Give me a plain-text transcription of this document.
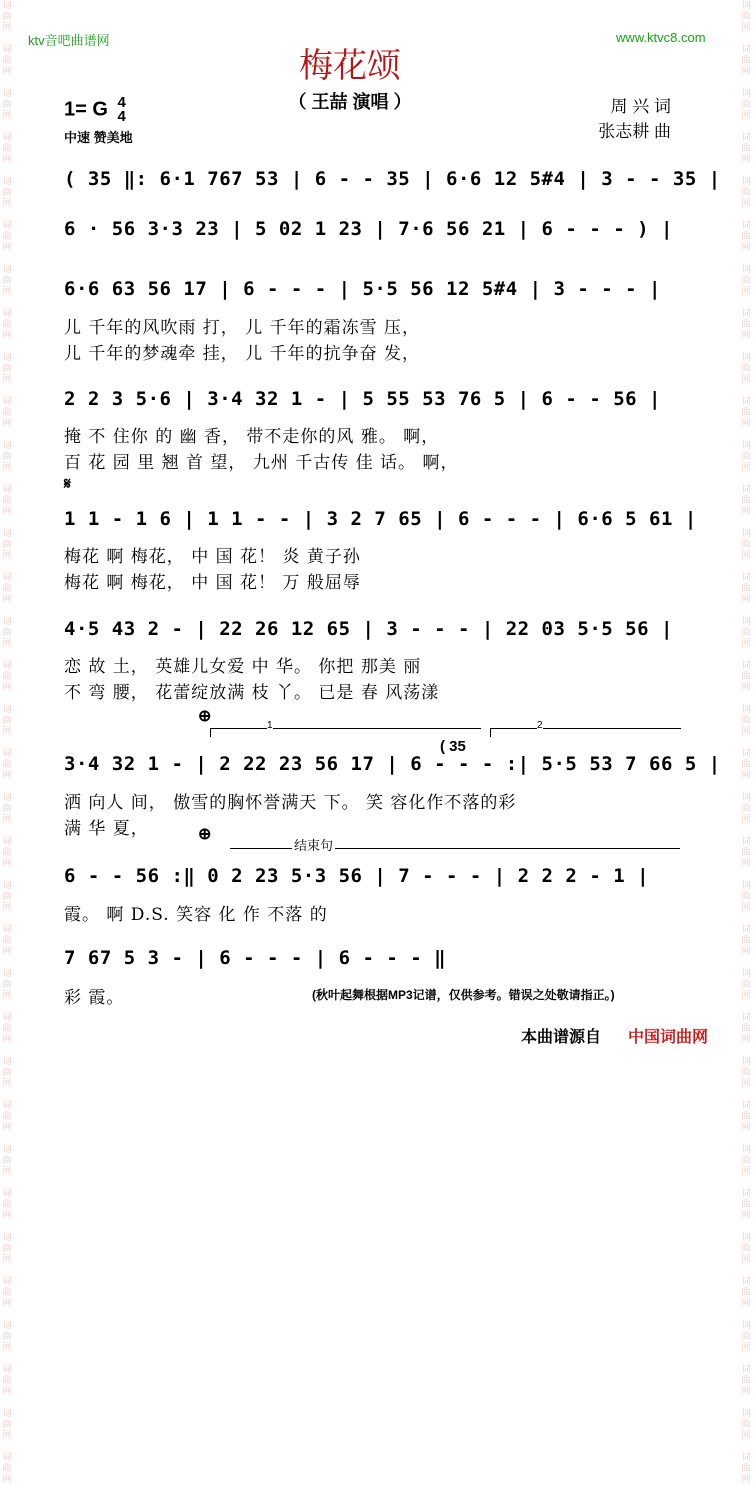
词
曲
网

词
曲
网

词
曲
网

词
曲
网

词
曲
网

词
曲
网

词
曲
网

词
曲
网

词
曲
网

词
曲
网

词
曲
网

词
曲
网

词
曲
网

词
曲
网

词
曲
网

词
曲
网

词
曲
网

词
曲
网

词
曲
网

词
曲
网

词
曲
网

词
曲
网

词
曲
网

词
曲
网

词
曲
网

词
曲
网

词
曲
网

词
曲
网

词
曲
网

词
曲
网

词
曲
网

词
曲
网

词
曲
网

词
曲
网

词
曲
网

词
曲
网

词
曲
网

词
曲
网

词
曲
网

词
曲
网

词
曲
网

词
曲
网

词
曲
网

词
曲
网

词
曲
网

词
曲
网

词
曲
网

词
曲
网

词
曲
网

词
曲
网

词
曲
网

词
曲
网

词
曲
网

词
曲
网

词
曲
网

词
曲
网

词
曲
网

词
曲
网

词
曲
网

词
曲
网

词
曲
网

词
曲
网

词
曲
网

词
曲
网

词
曲
网

词
曲
网

词
曲
网

词
曲
网

ktv音吧曲谱网	www.ktvc8.com
梅花颂
（ 王喆 演唱 ）	周 兴 词
张志耕 曲
1= G 4
4
中速 赞美地
( 35 ‖: 6·1 767 53 | 6 - - 35 | 6·6 12 5#4 | 3 - - 35 |
6 · 56 3·3 23 | 5 02 1 23 | 7·6 56 21 | 6 - - - ) |
6·6 63 56 17 | 6 - - - | 5·5 56 12 5#4 | 3 - - - |
儿 千年的风吹雨 打， 儿 千年的霜冻雪 压，
儿 千年的梦魂牵 挂， 儿 千年的抗争奋 发，
2 2 3 5·6 | 3·4 32 1 - | 5 55 53 76 5 | 6 - - 56 |
掩 不 住你 的 幽 香， 带不走你的风 雅。 啊，
百 花 园 里 翘 首 望， 九州 千古传 佳 话。 啊，
𝄋
1 1 - 1 6 | 1 1 - - | 3 2 7 65 | 6 - - - | 6·6 5 61 |
梅花 啊 梅花， 中 国 花！ 炎 黄子孙
梅花 啊 梅花， 中 国 花！ 万 般屈辱
4·5 43 2 - | 22 26 12 65 | 3 - - - | 22 03 5·5 56 |
恋 故 土， 英雄儿女爱 中 华。 你把 那美 丽
不 弯 腰， 花蕾绽放满 枝 丫。 已是 春 风荡漾
⊕
1	2
( 35
3·4 32 1 - | 2 22 23 56 17 | 6 - - - :| 5·5 53 7 66 5 |
洒 向人 间， 傲雪的胸怀誉满天 下。 笑 容化作不落的彩
满 华 夏，	⊕
结束句
6 - - 56 :‖ 0 2 23 5·3 56 | 7 - - - | 2 2 2 - 1 |
霞。 啊 D.S. 笑容 化 作 不落 的
7 67 5 3 - | 6 - - - | 6 - - - ‖
彩 霞。	(秋叶起舞根据MP3记谱，仅供参考。错误之处敬请指正。)
本曲谱源自 中国词曲网
